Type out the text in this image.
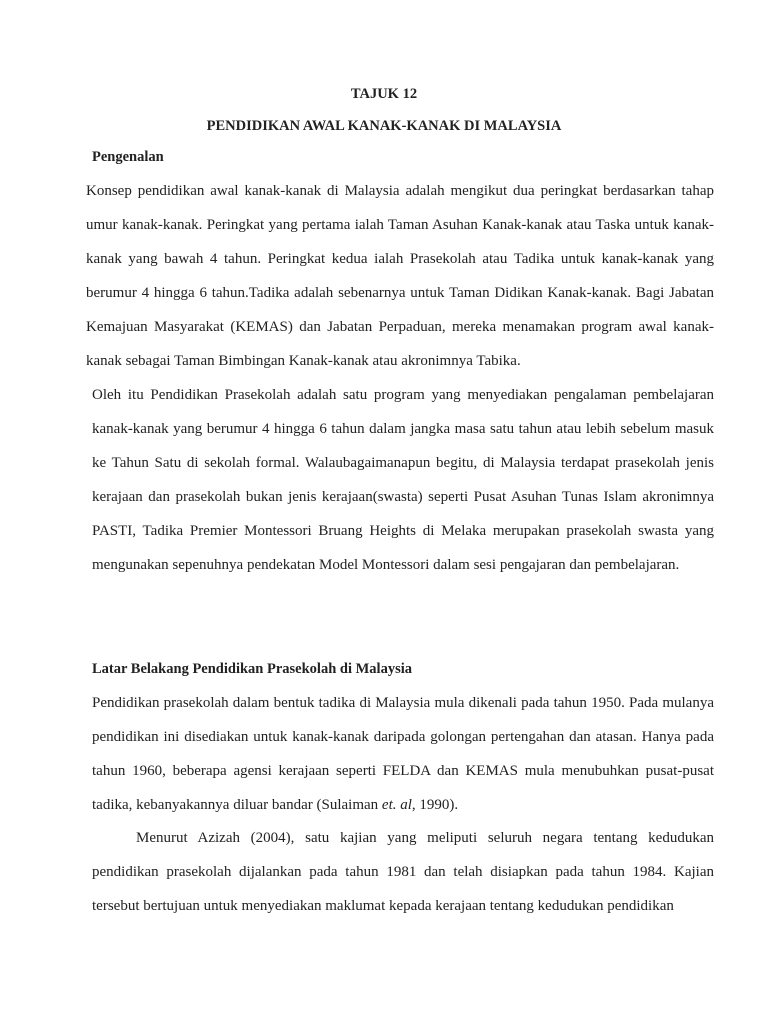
TAJUK 12

PENDIDIKAN AWAL KANAK-KANAK DI MALAYSIA

Pengenalan

Konsep pendidikan awal kanak-kanak di Malaysia adalah mengikut dua peringkat berdasarkan tahap umur kanak-kanak. Peringkat yang pertama ialah Taman Asuhan Kanak-kanak atau Taska untuk kanak-kanak yang bawah 4 tahun. Peringkat kedua ialah Prasekolah atau Tadika untuk kanak-kanak yang berumur 4 hingga 6 tahun.Tadika adalah sebenarnya untuk Taman Didikan Kanak-kanak. Bagi Jabatan Kemajuan Masyarakat (KEMAS) dan Jabatan Perpaduan, mereka menamakan program awal kanak-kanak sebagai Taman Bimbingan Kanak-kanak atau akronimnya Tabika.

Oleh itu Pendidikan Prasekolah adalah satu program yang menyediakan pengalaman pembelajaran kanak-kanak yang berumur 4 hingga 6 tahun dalam jangka masa satu tahun atau lebih sebelum masuk ke Tahun Satu di sekolah formal. Walaubagaimanapun begitu, di Malaysia terdapat prasekolah jenis kerajaan dan prasekolah bukan jenis kerajaan(swasta) seperti Pusat Asuhan Tunas Islam akronimnya PASTI, Tadika Premier Montessori Bruang Heights di Melaka merupakan prasekolah swasta yang mengunakan sepenuhnya pendekatan Model Montessori dalam sesi pengajaran dan pembelajaran.

Latar Belakang Pendidikan Prasekolah di Malaysia

Pendidikan prasekolah dalam bentuk tadika di Malaysia mula dikenali pada tahun 1950. Pada mulanya pendidikan ini disediakan untuk kanak-kanak daripada golongan pertengahan dan atasan. Hanya pada tahun 1960, beberapa agensi kerajaan seperti FELDA dan KEMAS mula menubuhkan pusat-pusat tadika, kebanyakannya diluar bandar (Sulaiman et. al, 1990).

Menurut Azizah (2004), satu kajian yang meliputi seluruh negara tentang kedudukan pendidikan prasekolah dijalankan pada tahun 1981 dan telah disiapkan pada tahun 1984. Kajian tersebut bertujuan untuk menyediakan maklumat kepada kerajaan tentang kedudukan pendidikan
